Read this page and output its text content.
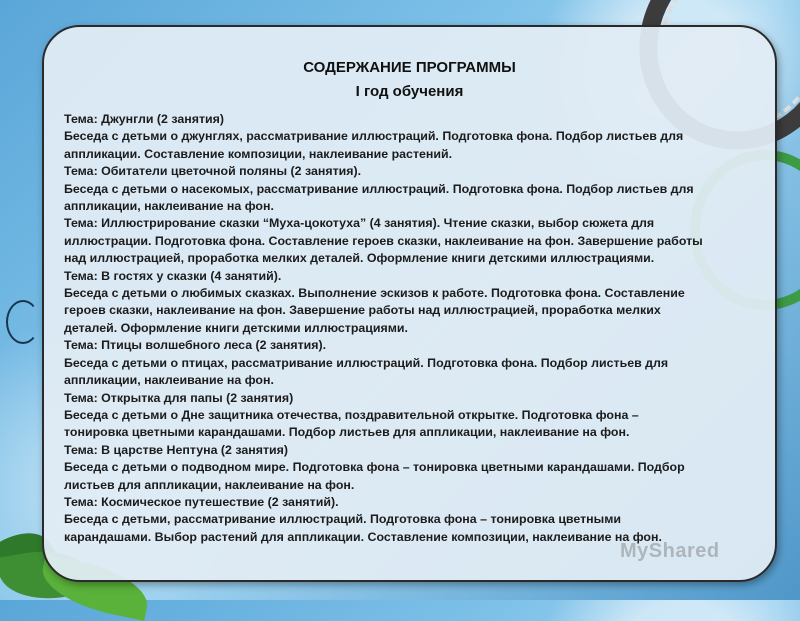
СОДЕРЖАНИЕ ПРОГРАММЫ
I год обучения
Тема: Джунгли (2 занятия)
Беседа с детьми о джунглях, рассматривание иллюстраций. Подготовка фона. Подбор листьев для
аппликации. Составление композиции, наклеивание растений.
Тема: Обитатели цветочной поляны (2 занятия).
Беседа с детьми о насекомых, рассматривание иллюстраций. Подготовка фона. Подбор листьев для
аппликации, наклеивание на фон.
Тема: Иллюстрирование сказки “Муха-цокотуха” (4 занятия). Чтение сказки, выбор сюжета для
иллюстрации. Подготовка фона. Составление героев сказки, наклеивание на фон. Завершение работы
над иллюстрацией, проработка мелких деталей. Оформление книги детскими иллюстрациями.
Тема: В гостях у сказки (4 занятий).
Беседа с детьми о любимых сказках. Выполнение эскизов к работе. Подготовка фона. Составление
героев сказки, наклеивание на фон. Завершение работы над иллюстрацией, проработка мелких
деталей. Оформление книги детскими иллюстрациями.
Тема: Птицы волшебного леса (2 занятия).
Беседа с детьми о птицах, рассматривание иллюстраций. Подготовка фона. Подбор листьев для
аппликации, наклеивание на фон.
Тема: Открытка для папы (2 занятия)
Беседа с детьми о Дне защитника отечества, поздравительной открытке. Подготовка фона –
тонировка цветными карандашами. Подбор листьев для аппликации, наклеивание на фон.
Тема: В царстве Нептуна (2 занятия)
Беседа с детьми о подводном мире. Подготовка фона – тонировка цветными карандашами. Подбор
листьев для аппликации, наклеивание на фон.
Тема: Космическое путешествие (2 занятий).
Беседа с детьми, рассматривание иллюстраций. Подготовка фона – тонировка цветными
карандашами. Выбор растений для аппликации. Составление композиции, наклеивание на фон.
MyShared
